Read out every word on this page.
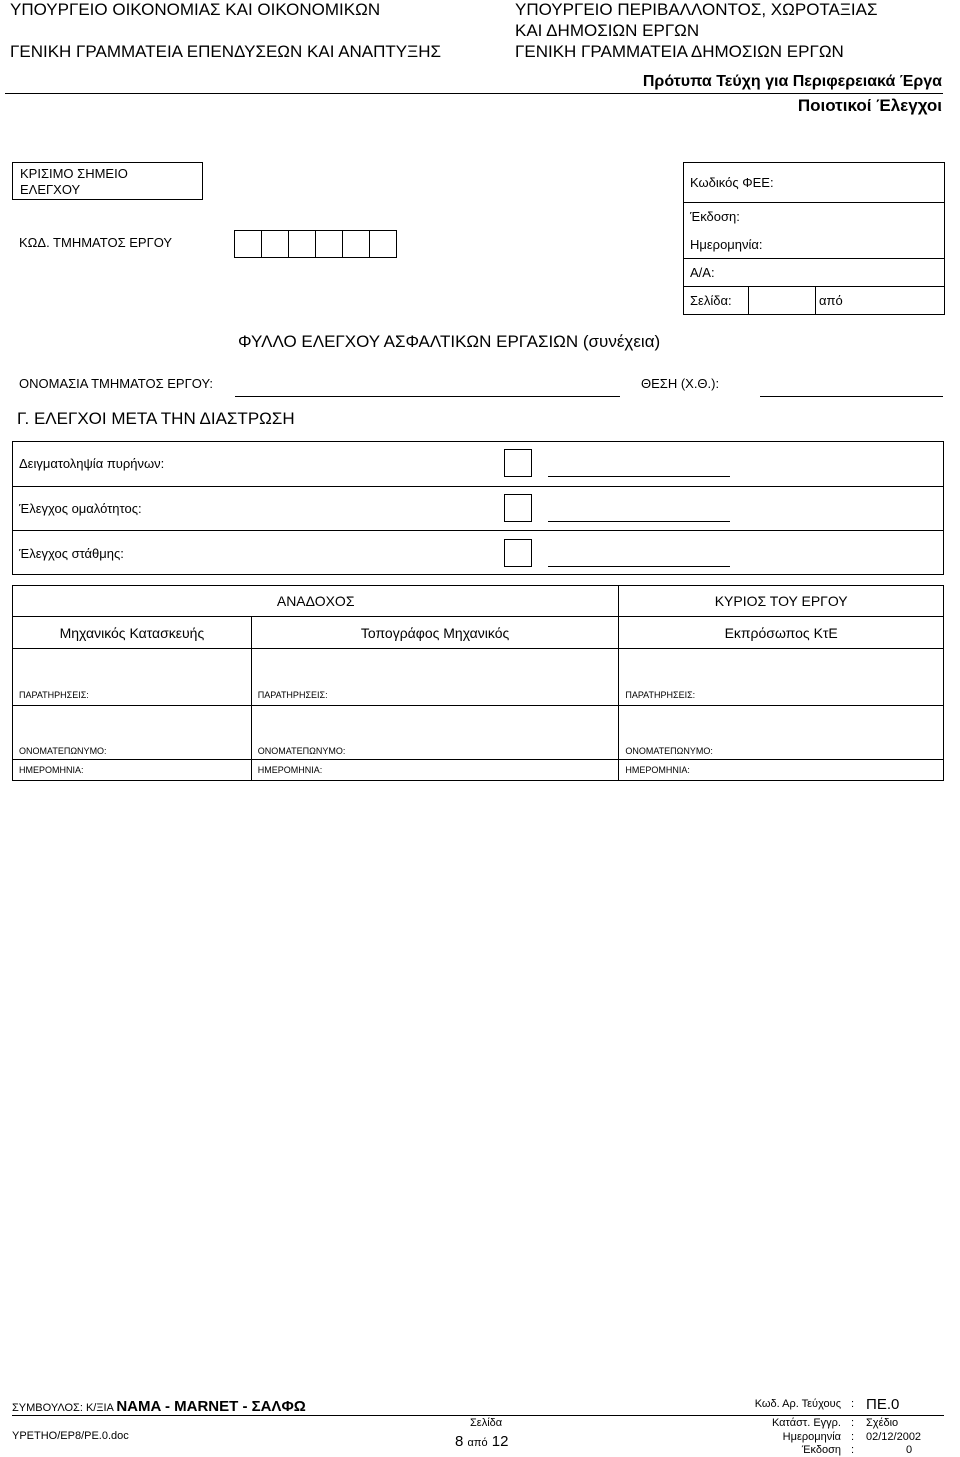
ΥΠΟΥΡΓΕΙΟ ΟΙΚΟΝΟΜΙΑΣ ΚΑΙ ΟΙΚΟΝΟΜΙΚΩΝ
ΓΕΝΙΚΗ ΓΡΑΜΜΑΤΕΙΑ ΕΠΕΝΔΥΣΕΩΝ ΚΑΙ ΑΝΑΠΤΥΞΗΣ
ΥΠΟΥΡΓΕΙΟ ΠΕΡΙΒΑΛΛΟΝΤΟΣ, ΧΩΡΟΤΑΞΙΑΣ
ΚΑΙ ΔΗΜΟΣΙΩΝ ΕΡΓΩΝ
ΓΕΝΙΚΗ ΓΡΑΜΜΑΤΕΙΑ ΔΗΜΟΣΙΩΝ ΕΡΓΩΝ
Πρότυπα Τεύχη για Περιφερειακά Έργα
Ποιοτικοί Έλεγχοι
ΚΡΙΣΙΜΟ ΣΗΜΕΙΟ
ΕΛΕΓΧΟΥ
ΚΩΔ. ΤΜΗΜΑΤΟΣ ΕΡΓΟΥ
Κωδικός ΦΕΕ:
Έκδοση:
Ημερομηνία:
Α/Α:
Σελίδα:	από
ΦΥΛΛΟ ΕΛΕΓΧΟΥ ΑΣΦΑΛΤΙΚΩΝ ΕΡΓΑΣΙΩΝ (συνέχεια)
ΟΝΟΜΑΣΙΑ ΤΜΗΜΑΤΟΣ ΕΡΓΟΥ:	ΘΕΣΗ (Χ.Θ.):
Γ. ΕΛΕΓΧΟΙ ΜΕΤΑ ΤΗΝ ΔΙΑΣΤΡΩΣΗ
Δειγματοληψία πυρήνων:
Έλεγχος ομαλότητος:
Έλεγχος στάθμης:
ΑΝΑΔΟΧΟΣ		ΚΥΡΙΟΣ ΤΟΥ ΕΡΓΟΥ
Μηχανικός Κατασκευής	Τοπογράφος Μηχανικός	Εκπρόσωπος ΚτΕ
ΠΑΡΑΤΗΡΗΣΕΙΣ:	ΠΑΡΑΤΗΡΗΣΕΙΣ:	ΠΑΡΑΤΗΡΗΣΕΙΣ:
ΟΝΟΜΑΤΕΠΩΝΥΜΟ:	ΟΝΟΜΑΤΕΠΩΝΥΜΟ:	ΟΝΟΜΑΤΕΠΩΝΥΜΟ:
ΗΜΕΡΟΜΗΝΙΑ:	ΗΜΕΡΟΜΗΝΙΑ:	ΗΜΕΡΟΜΗΝΙΑ:
ΣΥΜΒΟΥΛΟΣ: Κ/ΞΙΑ NAMA - MARNET - ΣΑΛΦΩ
ΥΡΕΤΗΟ/ΕΡ8/ΡΕ.0.doc
Σελίδα
8 από 12
Κωδ. Αρ. Τεύχους : ΠΕ.0
Κατάστ. Εγγρ. : Σχέδιο
Ημερομηνία : 02/12/2002
Έκδοση :	0
